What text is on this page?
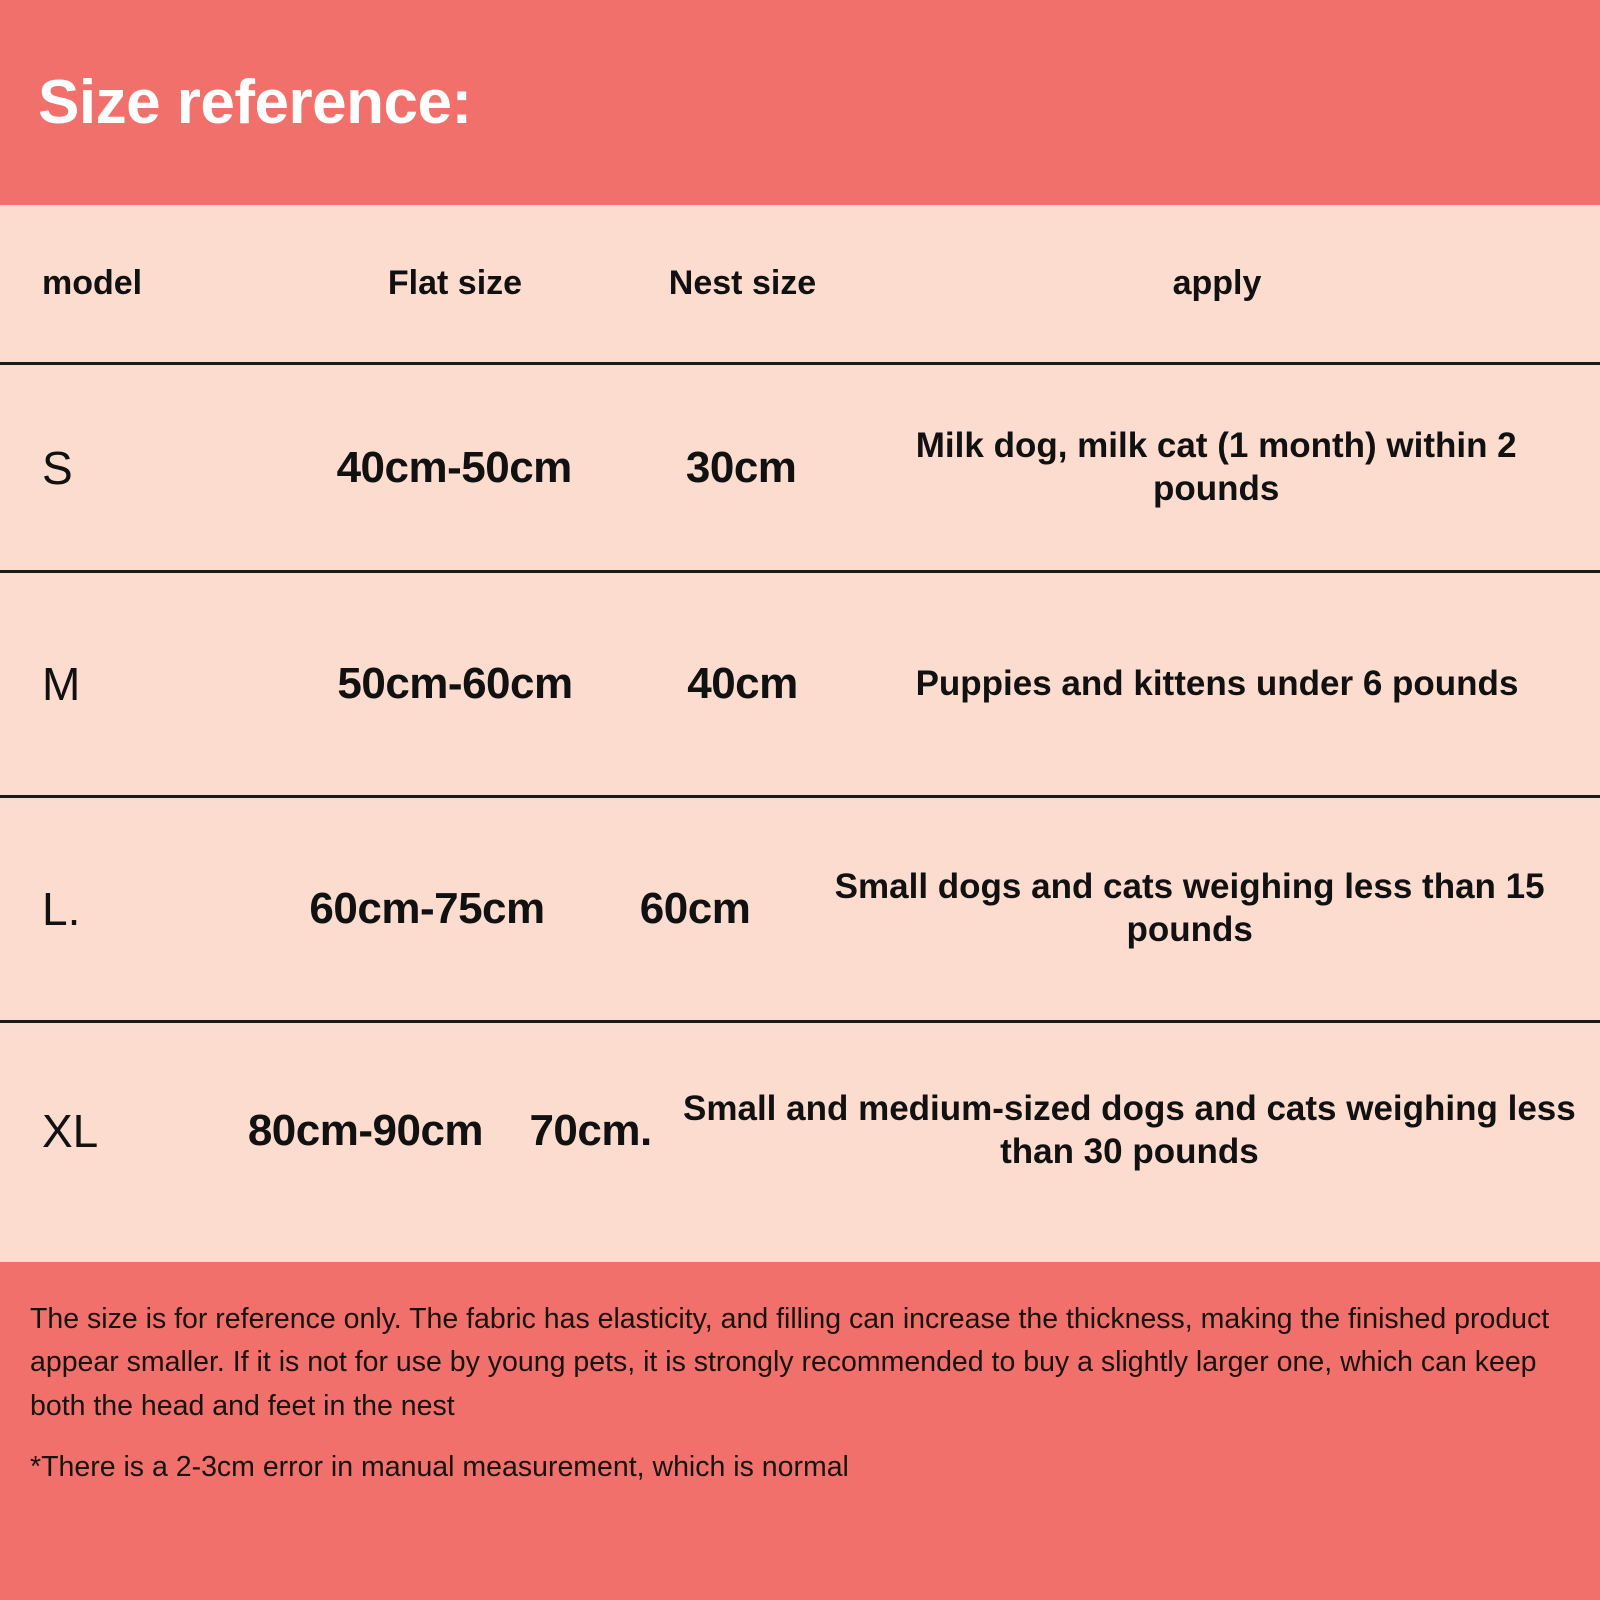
Size reference:
model	Flat size	Nest size	apply
S	40cm-50cm	30cm	Milk dog, milk cat (1 month) within 2 pounds
M	50cm-60cm	40cm	Puppies and kittens under 6 pounds
L.	60cm-75cm	60cm	Small dogs and cats weighing less than 15 pounds
XL	80cm-90cm	70cm. Small and medium-sized dogs and cats weighing less than 30 pounds

The size is for reference only. The fabric has elasticity, and filling can increase the thickness, making the finished product appear smaller. If it is not for use by young pets, it is strongly recommended to buy a slightly larger one, which can keep both the head and feet in the nest

*There is a 2-3cm error in manual measurement, which is normal
